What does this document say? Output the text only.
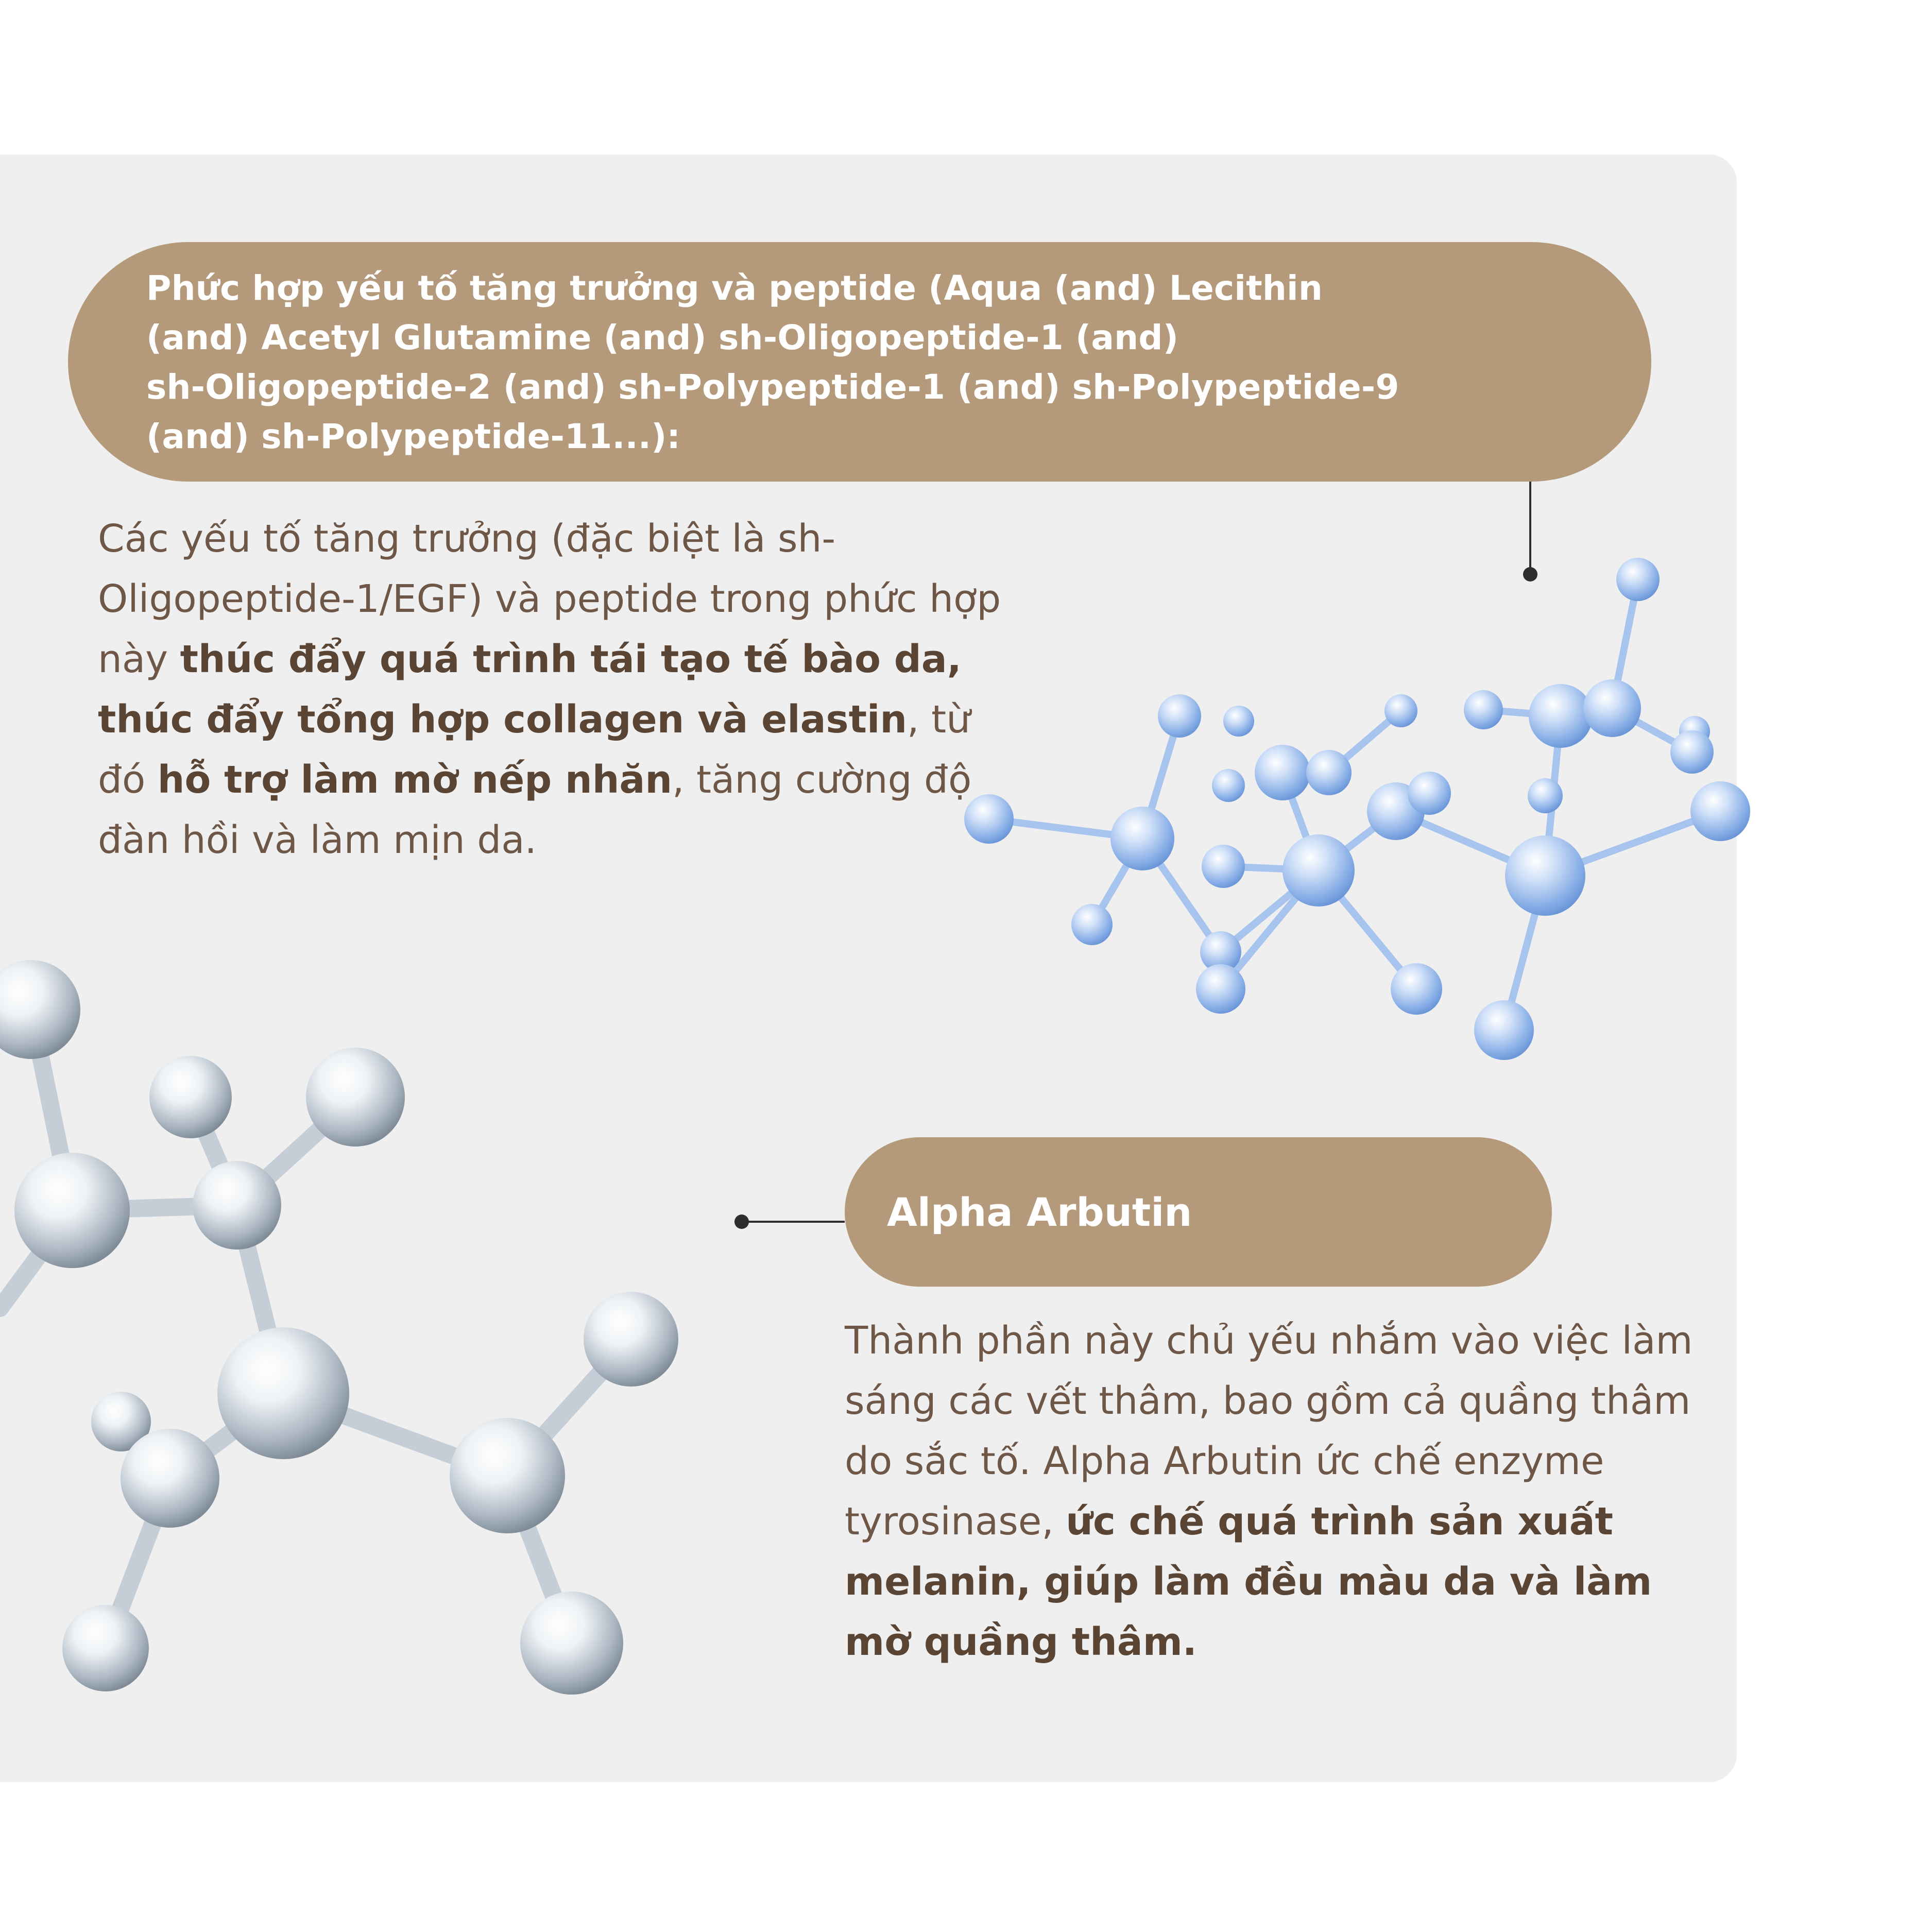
Phức hợp yếu tố tăng trưởng và peptide (Aqua (and) Lecithin

(and) Acetyl Glutamine (and) sh-Oligopeptide-1 (and)

sh-Oligopeptide-2 (and) sh-Polypeptide-1 (and) sh-Polypeptide-9

(and) sh-Polypeptide-11...):

Các yếu tố tăng trưởng (đặc biệt là sh-Oligopeptide-1/EGF) và peptide trong phức hợp này thúc đẩy quá trình tái tạo tế bào da, thúc đẩy tổng hợp collagen và elastin, từ đó hỗ trợ làm mờ nếp nhăn, tăng cường độ đàn hồi và làm mịn da.

Alpha Arbutin

Thành phần này chủ yếu nhắm vào việc làm sáng các vết thâm, bao gồm cả quầng thâm do sắc tố. Alpha Arbutin ức chế enzyme tyrosinase, ức chế quá trình sản xuất melanin, giúp làm đều màu da và làm mờ quầng thâm.
